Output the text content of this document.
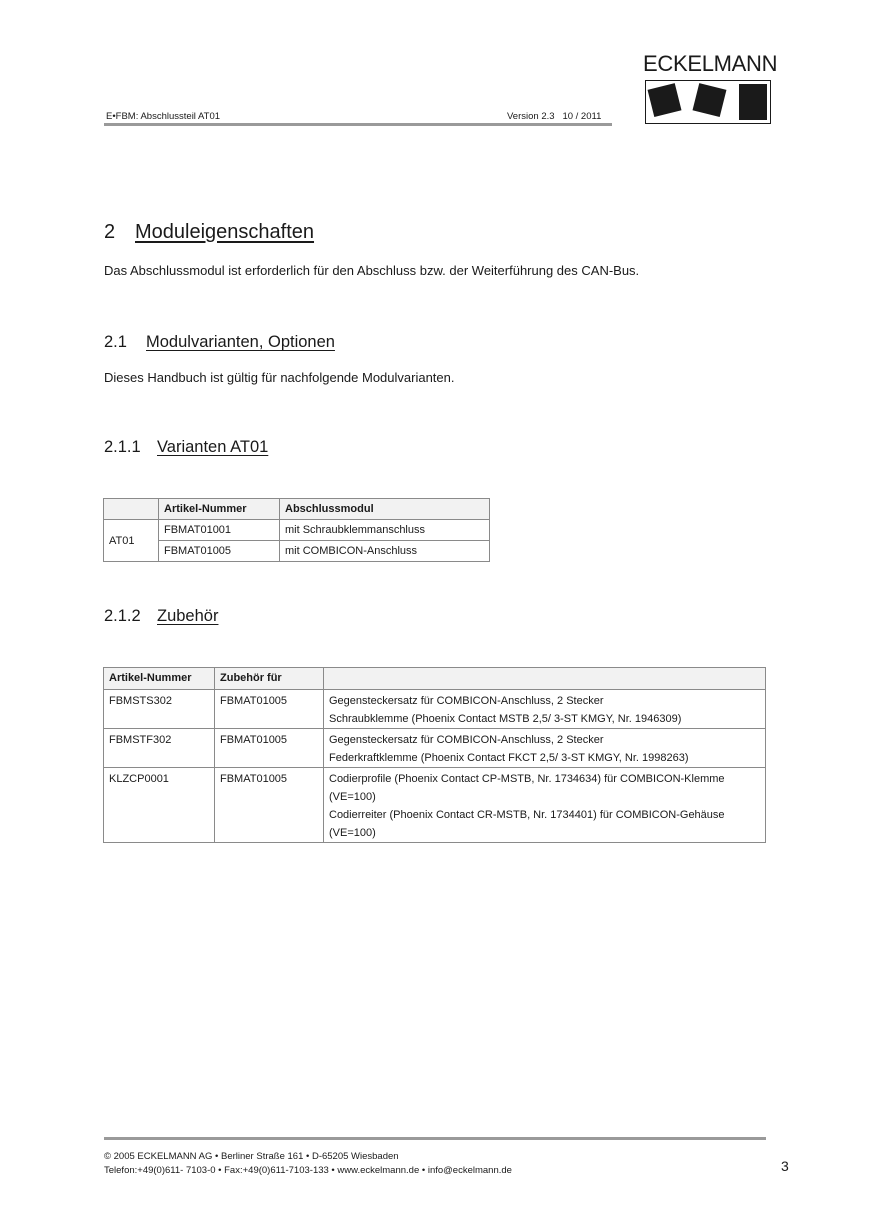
E•FBM: Abschlussteil AT01	Version 2.3   10 / 2011
ECKELMANN
2 Moduleigenschaften
Das Abschlussmodul ist erforderlich für den Abschluss bzw. der Weiterführung des CAN-Bus.
2.1 Modulvarianten, Optionen
Dieses Handbuch ist gültig für nachfolgende Modulvarianten.
2.1.1 Varianten AT01
	Artikel-Nummer	Abschlussmodul
AT01	FBMAT01001	mit Schraubklemmanschluss
	FBMAT01005	mit COMBICON-Anschluss
2.1.2 Zubehör
Artikel-Nummer	Zubehör für	
FBMSTS302	FBMAT01005	Gegensteckersatz für COMBICON-Anschluss, 2 Stecker
Schraubklemme (Phoenix Contact MSTB 2,5/ 3-ST KMGY, Nr. 1946309)

FBMSTF302	FBMAT01005	Gegensteckersatz für COMBICON-Anschluss, 2 Stecker
Federkraftklemme (Phoenix Contact FKCT 2,5/ 3-ST KMGY, Nr. 1998263)

KLZCP0001	FBMAT01005	Codierprofile (Phoenix Contact CP-MSTB, Nr. 1734634) für COMBICON-Klemme
(VE=100)
Codierreiter (Phoenix Contact CR-MSTB, Nr. 1734401) für COMBICON-Gehäuse
(VE=100)
© 2005 ECKELMANN AG • Berliner Straße 161 • D-65205 Wiesbaden
Telefon:+49(0)611- 7103-0 • Fax:+49(0)611-7103-133 • www.eckelmann.de • info@eckelmann.de	3
